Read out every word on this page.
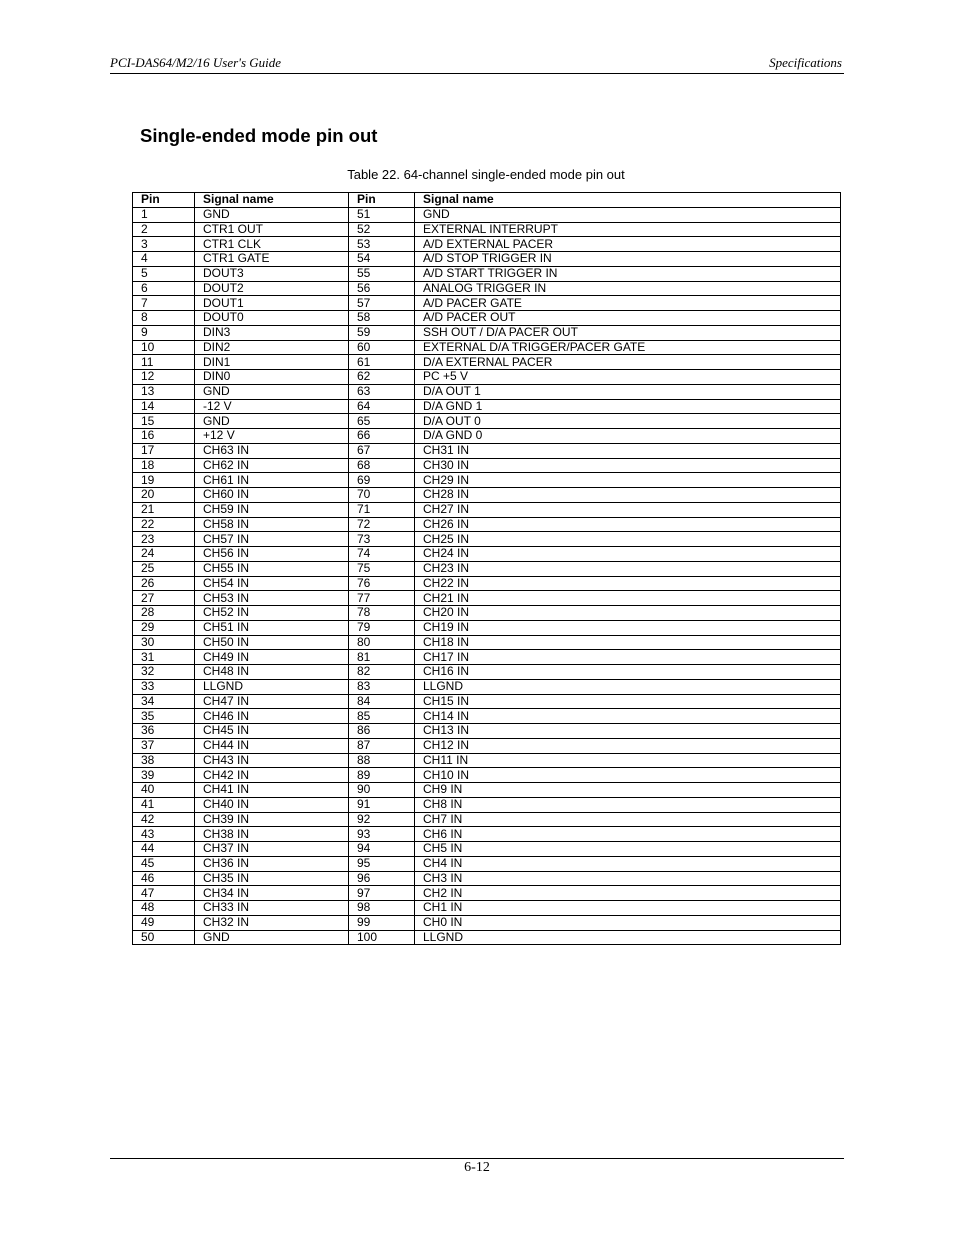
PCI-DAS64/M2/16 User's Guide	Specifications
Single-ended mode pin out
Table 22. 64-channel single-ended mode pin out
Pin	Signal name	Pin	Signal name
1	GND	51	GND
2	CTR1 OUT	52	EXTERNAL INTERRUPT
3	CTR1 CLK	53	A/D EXTERNAL PACER
4	CTR1 GATE	54	A/D STOP TRIGGER IN
5	DOUT3	55	A/D START TRIGGER IN
6	DOUT2	56	ANALOG TRIGGER IN
7	DOUT1	57	A/D PACER GATE
8	DOUT0	58	A/D PACER OUT
9	DIN3	59	SSH OUT / D/A PACER OUT
10	DIN2	60	EXTERNAL D/A TRIGGER/PACER GATE
11	DIN1	61	D/A EXTERNAL PACER
12	DIN0	62	PC +5 V
13	GND	63	D/A OUT 1
14	-12 V	64	D/A GND 1
15	GND	65	D/A OUT 0
16	+12 V	66	D/A GND 0
17	CH63 IN	67	CH31 IN
18	CH62 IN	68	CH30 IN
19	CH61 IN	69	CH29 IN
20	CH60 IN	70	CH28 IN
21	CH59 IN	71	CH27 IN
22	CH58 IN	72	CH26 IN
23	CH57 IN	73	CH25 IN
24	CH56 IN	74	CH24 IN
25	CH55 IN	75	CH23 IN
26	CH54 IN	76	CH22 IN
27	CH53 IN	77	CH21 IN
28	CH52 IN	78	CH20 IN
29	CH51 IN	79	CH19 IN
30	CH50 IN	80	CH18 IN
31	CH49 IN	81	CH17 IN
32	CH48 IN	82	CH16 IN
33	LLGND	83	LLGND
34	CH47 IN	84	CH15 IN
35	CH46 IN	85	CH14 IN
36	CH45 IN	86	CH13 IN
37	CH44 IN	87	CH12 IN
38	CH43 IN	88	CH11 IN
39	CH42 IN	89	CH10 IN
40	CH41 IN	90	CH9 IN
41	CH40 IN	91	CH8 IN
42	CH39 IN	92	CH7 IN
43	CH38 IN	93	CH6 IN
44	CH37 IN	94	CH5 IN
45	CH36 IN	95	CH4 IN
46	CH35 IN	96	CH3 IN
47	CH34 IN	97	CH2 IN
48	CH33 IN	98	CH1 IN
49	CH32 IN	99	CH0 IN
50	GND	100	LLGND
6-12
